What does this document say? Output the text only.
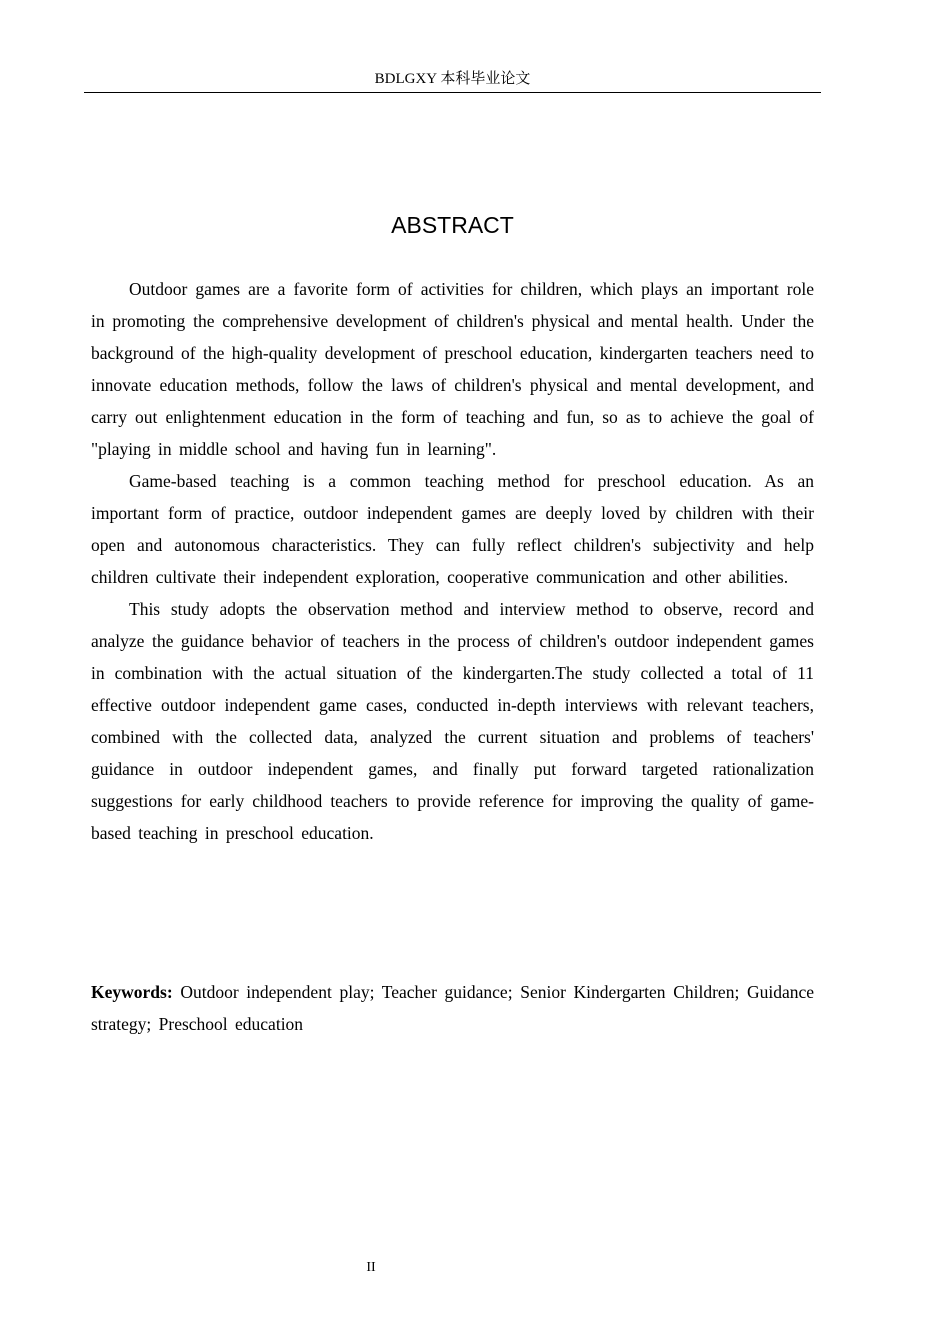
BDLGXY 本科毕业论文
ABSTRACT

Outdoor games are a favorite form of activities for children, which plays an important role in promoting the comprehensive development of children's physical and mental health. Under the background of the high-quality development of preschool education, kindergarten teachers need to innovate education methods, follow the laws of children's physical and mental development, and carry out enlightenment education in the form of teaching and fun, so as to achieve the goal of "playing in middle school and having fun in learning".

Game-based teaching is a common teaching method for preschool education. As an important form of practice, outdoor independent games are deeply loved by children with their open and autonomous characteristics. They can fully reflect children's subjectivity and help children cultivate their independent exploration, cooperative communication and other abilities.

This study adopts the observation method and interview method to observe, record and analyze the guidance behavior of teachers in the process of children's outdoor independent games in combination with the actual situation of the kindergarten.The study collected a total of 11 effective outdoor independent game cases, conducted in-depth interviews with relevant teachers, combined with the collected data, analyzed the current situation and problems of teachers' guidance in outdoor independent games, and finally put forward targeted rationalization suggestions for early childhood teachers to provide reference for improving the quality of game-based teaching in preschool education.

Keywords: Outdoor independent play; Teacher guidance; Senior Kindergarten Children; Guidance strategy; Preschool education

II
